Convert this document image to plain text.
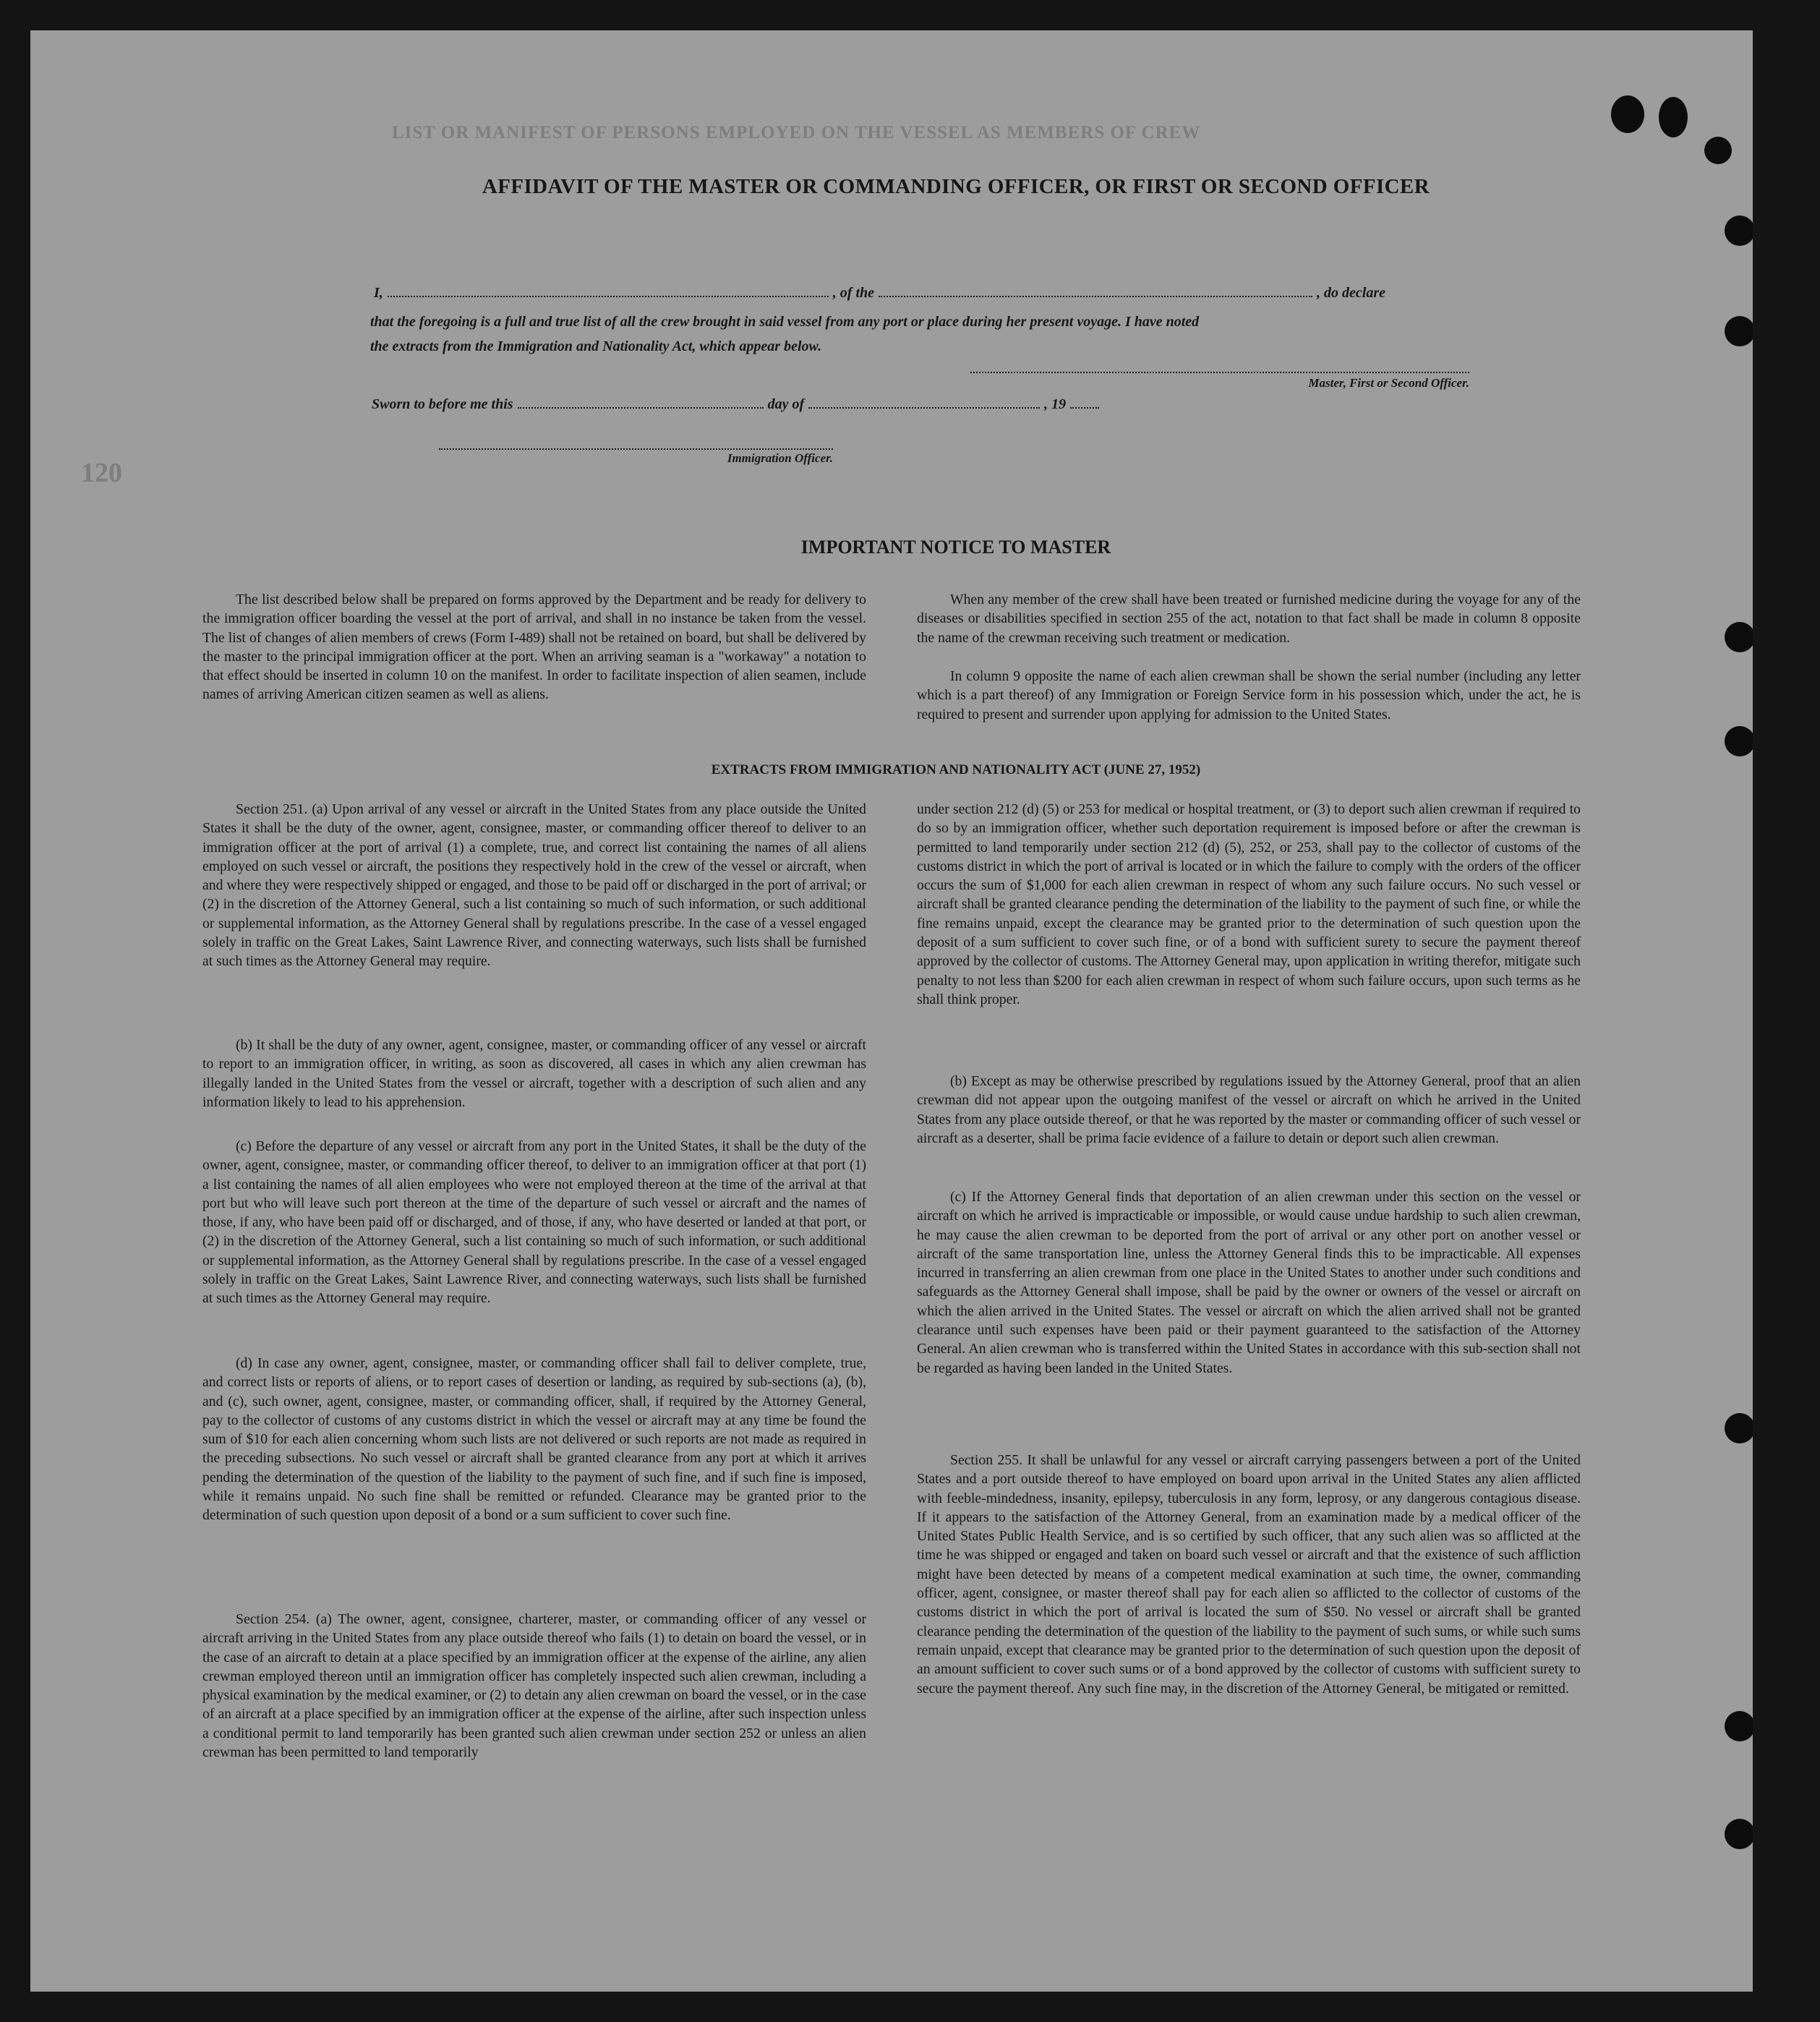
LIST OR MANIFEST OF PERSONS EMPLOYED ON THE VESSEL AS MEMBERS OF CREW
120
AFFIDAVIT OF THE MASTER OR COMMANDING OFFICER, OR FIRST OR SECOND OFFICER
I,	, of the	, do declare
that the foregoing is a full and true list of all the crew brought in said vessel from any port or place during her present voyage. I have noted
the extracts from the Immigration and Nationality Act, which appear below.
Master, First or Second Officer.
Sworn to before me this	day of	, 19
Immigration Officer.
IMPORTANT NOTICE TO MASTER

The list described below shall be prepared on forms approved by the Department and be ready for delivery to the immigration officer boarding the vessel at the port of arrival, and shall in no instance be taken from the vessel. The list of changes of alien members of crews (Form I-489) shall not be retained on board, but shall be delivered by the master to the principal immigration officer at the port. When an arriving seaman is a "workaway" a notation to that effect should be inserted in column 10 on the manifest. In order to facilitate inspection of alien seamen, include names of arriving American citizen seamen as well as aliens.

When any member of the crew shall have been treated or furnished medicine during the voyage for any of the diseases or disabilities specified in section 255 of the act, notation to that fact shall be made in column 8 opposite the name of the crewman receiving such treatment or medication.

In column 9 opposite the name of each alien crewman shall be shown the serial number (including any letter which is a part thereof) of any Immigration or Foreign Service form in his possession which, under the act, he is required to present and surrender upon applying for admission to the United States.

EXTRACTS FROM IMMIGRATION AND NATIONALITY ACT (JUNE 27, 1952)

Section 251. (a) Upon arrival of any vessel or aircraft in the United States from any place outside the United States it shall be the duty of the owner, agent, consignee, master, or commanding officer thereof to deliver to an immigration officer at the port of arrival (1) a complete, true, and correct list containing the names of all aliens employed on such vessel or aircraft, the positions they respectively hold in the crew of the vessel or aircraft, when and where they were respectively shipped or engaged, and those to be paid off or discharged in the port of arrival; or (2) in the discretion of the Attorney General, such a list containing so much of such information, or such additional or supplemental information, as the Attorney General shall by regulations prescribe. In the case of a vessel engaged solely in traffic on the Great Lakes, Saint Lawrence River, and connecting waterways, such lists shall be furnished at such times as the Attorney General may require.

(b) It shall be the duty of any owner, agent, consignee, master, or commanding officer of any vessel or aircraft to report to an immigration officer, in writing, as soon as discovered, all cases in which any alien crewman has illegally landed in the United States from the vessel or aircraft, together with a description of such alien and any information likely to lead to his apprehension.

(c) Before the departure of any vessel or aircraft from any port in the United States, it shall be the duty of the owner, agent, consignee, master, or commanding officer thereof, to deliver to an immigration officer at that port (1) a list containing the names of all alien employees who were not employed thereon at the time of the arrival at that port but who will leave such port thereon at the time of the departure of such vessel or aircraft and the names of those, if any, who have been paid off or discharged, and of those, if any, who have deserted or landed at that port, or (2) in the discretion of the Attorney General, such a list containing so much of such information, or such additional or supplemental information, as the Attorney General shall by regulations prescribe. In the case of a vessel engaged solely in traffic on the Great Lakes, Saint Lawrence River, and connecting waterways, such lists shall be furnished at such times as the Attorney General may require.

(d) In case any owner, agent, consignee, master, or commanding officer shall fail to deliver complete, true, and correct lists or reports of aliens, or to report cases of desertion or landing, as required by sub-sections (a), (b), and (c), such owner, agent, consignee, master, or commanding officer, shall, if required by the Attorney General, pay to the collector of customs of any customs district in which the vessel or aircraft may at any time be found the sum of $10 for each alien concerning whom such lists are not delivered or such reports are not made as required in the preceding subsections. No such vessel or aircraft shall be granted clearance from any port at which it arrives pending the determination of the question of the liability to the payment of such fine, and if such fine is imposed, while it remains unpaid. No such fine shall be remitted or refunded. Clearance may be granted prior to the determination of such question upon deposit of a bond or a sum sufficient to cover such fine.

Section 254. (a) The owner, agent, consignee, charterer, master, or commanding officer of any vessel or aircraft arriving in the United States from any place outside thereof who fails (1) to detain on board the vessel, or in the case of an aircraft to detain at a place specified by an immigration officer at the expense of the airline, any alien crewman employed thereon until an immigration officer has completely inspected such alien crewman, including a physical examination by the medical examiner, or (2) to detain any alien crewman on board the vessel, or in the case of an aircraft at a place specified by an immigration officer at the expense of the airline, after such inspection unless a conditional permit to land temporarily has been granted such alien crewman under section 252 or unless an alien crewman has been permitted to land temporarily

under section 212 (d) (5) or 253 for medical or hospital treatment, or (3) to deport such alien crewman if required to do so by an immigration officer, whether such deportation requirement is imposed before or after the crewman is permitted to land temporarily under section 212 (d) (5), 252, or 253, shall pay to the collector of customs of the customs district in which the port of arrival is located or in which the failure to comply with the orders of the officer occurs the sum of $1,000 for each alien crewman in respect of whom any such failure occurs. No such vessel or aircraft shall be granted clearance pending the determination of the liability to the payment of such fine, or while the fine remains unpaid, except the clearance may be granted prior to the determination of such question upon the deposit of a sum sufficient to cover such fine, or of a bond with sufficient surety to secure the payment thereof approved by the collector of customs. The Attorney General may, upon application in writing therefor, mitigate such penalty to not less than $200 for each alien crewman in respect of whom such failure occurs, upon such terms as he shall think proper.

(b) Except as may be otherwise prescribed by regulations issued by the Attorney General, proof that an alien crewman did not appear upon the outgoing manifest of the vessel or aircraft on which he arrived in the United States from any place outside thereof, or that he was reported by the master or commanding officer of such vessel or aircraft as a deserter, shall be prima facie evidence of a failure to detain or deport such alien crewman.

(c) If the Attorney General finds that deportation of an alien crewman under this section on the vessel or aircraft on which he arrived is impracticable or impossible, or would cause undue hardship to such alien crewman, he may cause the alien crewman to be deported from the port of arrival or any other port on another vessel or aircraft of the same transportation line, unless the Attorney General finds this to be impracticable. All expenses incurred in transferring an alien crewman from one place in the United States to another under such conditions and safeguards as the Attorney General shall impose, shall be paid by the owner or owners of the vessel or aircraft on which the alien arrived in the United States. The vessel or aircraft on which the alien arrived shall not be granted clearance until such expenses have been paid or their payment guaranteed to the satisfaction of the Attorney General. An alien crewman who is transferred within the United States in accordance with this sub-section shall not be regarded as having been landed in the United States.

Section 255. It shall be unlawful for any vessel or aircraft carrying passengers between a port of the United States and a port outside thereof to have employed on board upon arrival in the United States any alien afflicted with feeble-mindedness, insanity, epilepsy, tuberculosis in any form, leprosy, or any dangerous contagious disease. If it appears to the satisfaction of the Attorney General, from an examination made by a medical officer of the United States Public Health Service, and is so certified by such officer, that any such alien was so afflicted at the time he was shipped or engaged and taken on board such vessel or aircraft and that the existence of such affliction might have been detected by means of a competent medical examination at such time, the owner, commanding officer, agent, consignee, or master thereof shall pay for each alien so afflicted to the collector of customs of the customs district in which the port of arrival is located the sum of $50. No vessel or aircraft shall be granted clearance pending the determination of the question of the liability to the payment of such sums, or while such sums remain unpaid, except that clearance may be granted prior to the determination of such question upon the deposit of an amount sufficient to cover such sums or of a bond approved by the collector of customs with sufficient surety to secure the payment thereof. Any such fine may, in the discretion of the Attorney General, be mitigated or remitted.
